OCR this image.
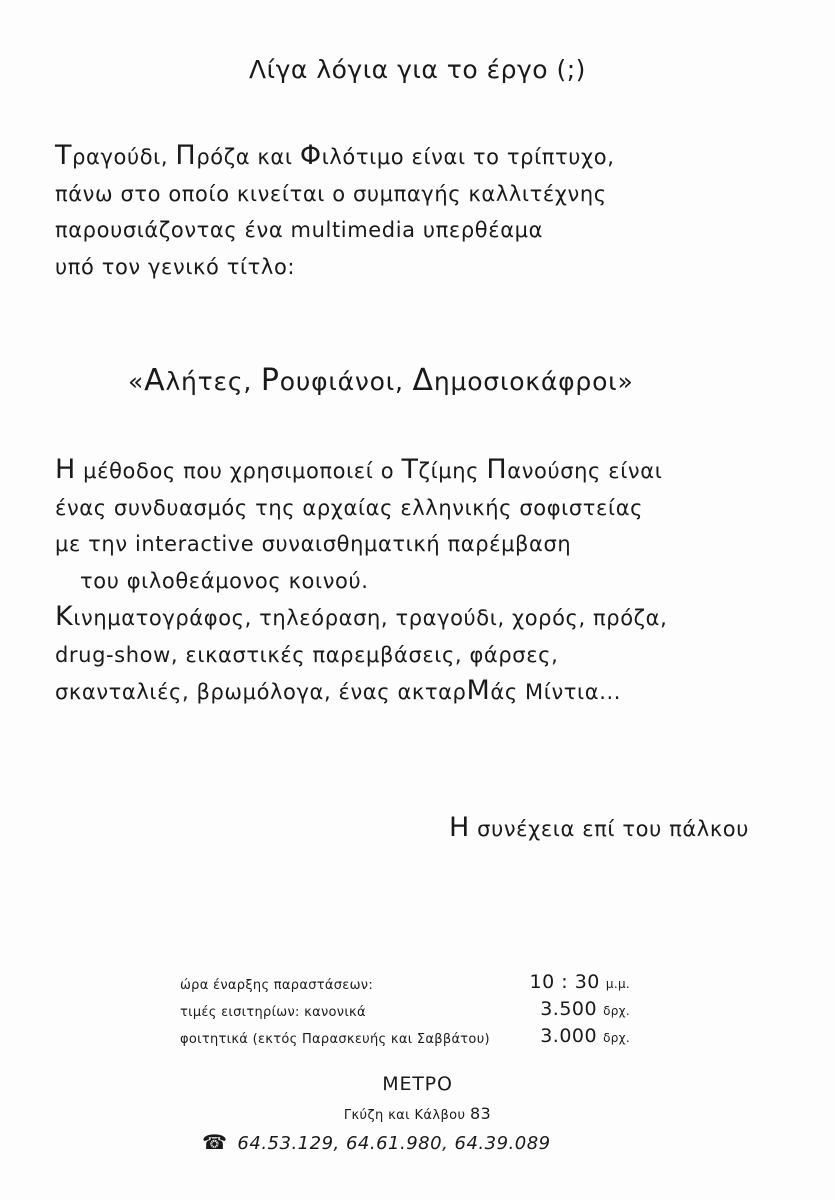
Λίγα λόγια για το έργο (;)

Τραγούδι, Πρόζα και Φιλότιμο είναι το τρίπτυχο,
πάνω στο οποίο κινείται ο συμπαγής καλλιτέχνης
παρουσιάζοντας ένα multimedia υπερθέαμα
υπό τον γενικό τίτλο:

«Αλήτες, Ρουφιάνοι, Δημοσιοκάφροι»

Η μέθοδος που χρησιμοποιεί ο Τζίμης Πανούσης είναι
ένας συνδυασμός της αρχαίας ελληνικής σοφιστείας
με την interactive συναισθηματική παρέμβαση
του φιλοθεάμονος κοινού.
Κινηματογράφος, τηλεόραση, τραγούδι, χορός, πρόζα,
drug-show, εικαστικές παρεμβάσεις, φάρσες,
σκανταλιές, βρωμόλογα, ένας ακταρΜάς Μίντια...

Η συνέχεια επί του πάλκου
ώρα έναρξης παραστάσεων:	10 : 30 μ.μ.
τιμές εισιτηρίων: κανονικά	3.500 δρχ.
φοιτητικά (εκτός Παρασκευής και Σαββάτου)	3.000 δρχ.
ΜΕΤΡΟ
Γκύζη και Κάλβου 83
☎ 64.53.129, 64.61.980, 64.39.089
